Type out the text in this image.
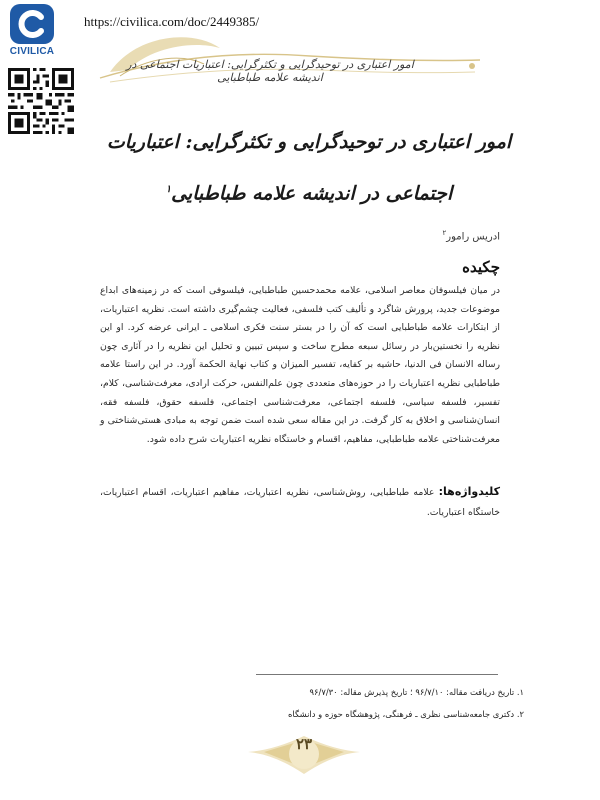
CIVILICA
https://civilica.com/doc/2449385/
امور اعتباری در توحیدگرایی و تکثرگرایی: اعتباریات اجتماعی در اندیشه علامه طباطبایی
امور اعتباری در توحیدگرایی و تکثرگرایی: اعتباریات اجتماعی در اندیشه علامه طباطبایی$^۱$
ادریس رامور$^۲$
چکیده
در میان فیلسوفان معاصر اسلامی، علامه محمدحسین طباطبایی، فیلسوفی است که در زمینه‌های ابداع موضوعات جدید، پرورش شاگرد و تألیف کتب فلسفی، فعالیت چشم‌گیری داشته است. نظریه اعتباریات، از ابتکارات علامه طباطبایی است که آن را در بستر سنت فکری اسلامی ـ ایرانی عرضه کرد. او این نظریه را نخستین‌بار در رسائل سبعه مطرح ساخت و سپس تبیین و تحلیل این نظریه را در آثاری چون رساله الانسان فی الدنیا، حاشیه بر کفایه، تفسیر المیزان و کتاب نهایة الحکمة آورد. در این راستا علامه طباطبایی نظریه اعتباریات را در حوزه‌های متعددی چون علم‌النفس، حرکت ارادی، معرفت‌شناسی، کلام، تفسیر، فلسفه سیاسی، فلسفه اجتماعی، معرفت‌شناسی اجتماعی، فلسفه حقوق، فلسفه فقه، انسان‌شناسی و اخلاق به کار گرفت. در این مقاله سعی شده است ضمن توجه به مبادی هستی‌شناختی و معرفت‌شناختی علامه طباطبایی، مفاهیم، اقسام و خاستگاه نظریه اعتباریات شرح داده شود.
کلیدواژه‌ها: علامه طباطبایی، روش‌شناسی، نظریه اعتباریات، مفاهیم اعتباریات، اقسام اعتباریات، خاستگاه اعتباریات.
۱. تاریخ دریافت مقاله: ۹۶/۷/۱۰ ؛ تاریخ پذیرش مقاله: ۹۶/۷/۳۰
۲. دکتری جامعه‌شناسی نظری ـ فرهنگی، پژوهشگاه حوزه و دانشگاه
۲۳
